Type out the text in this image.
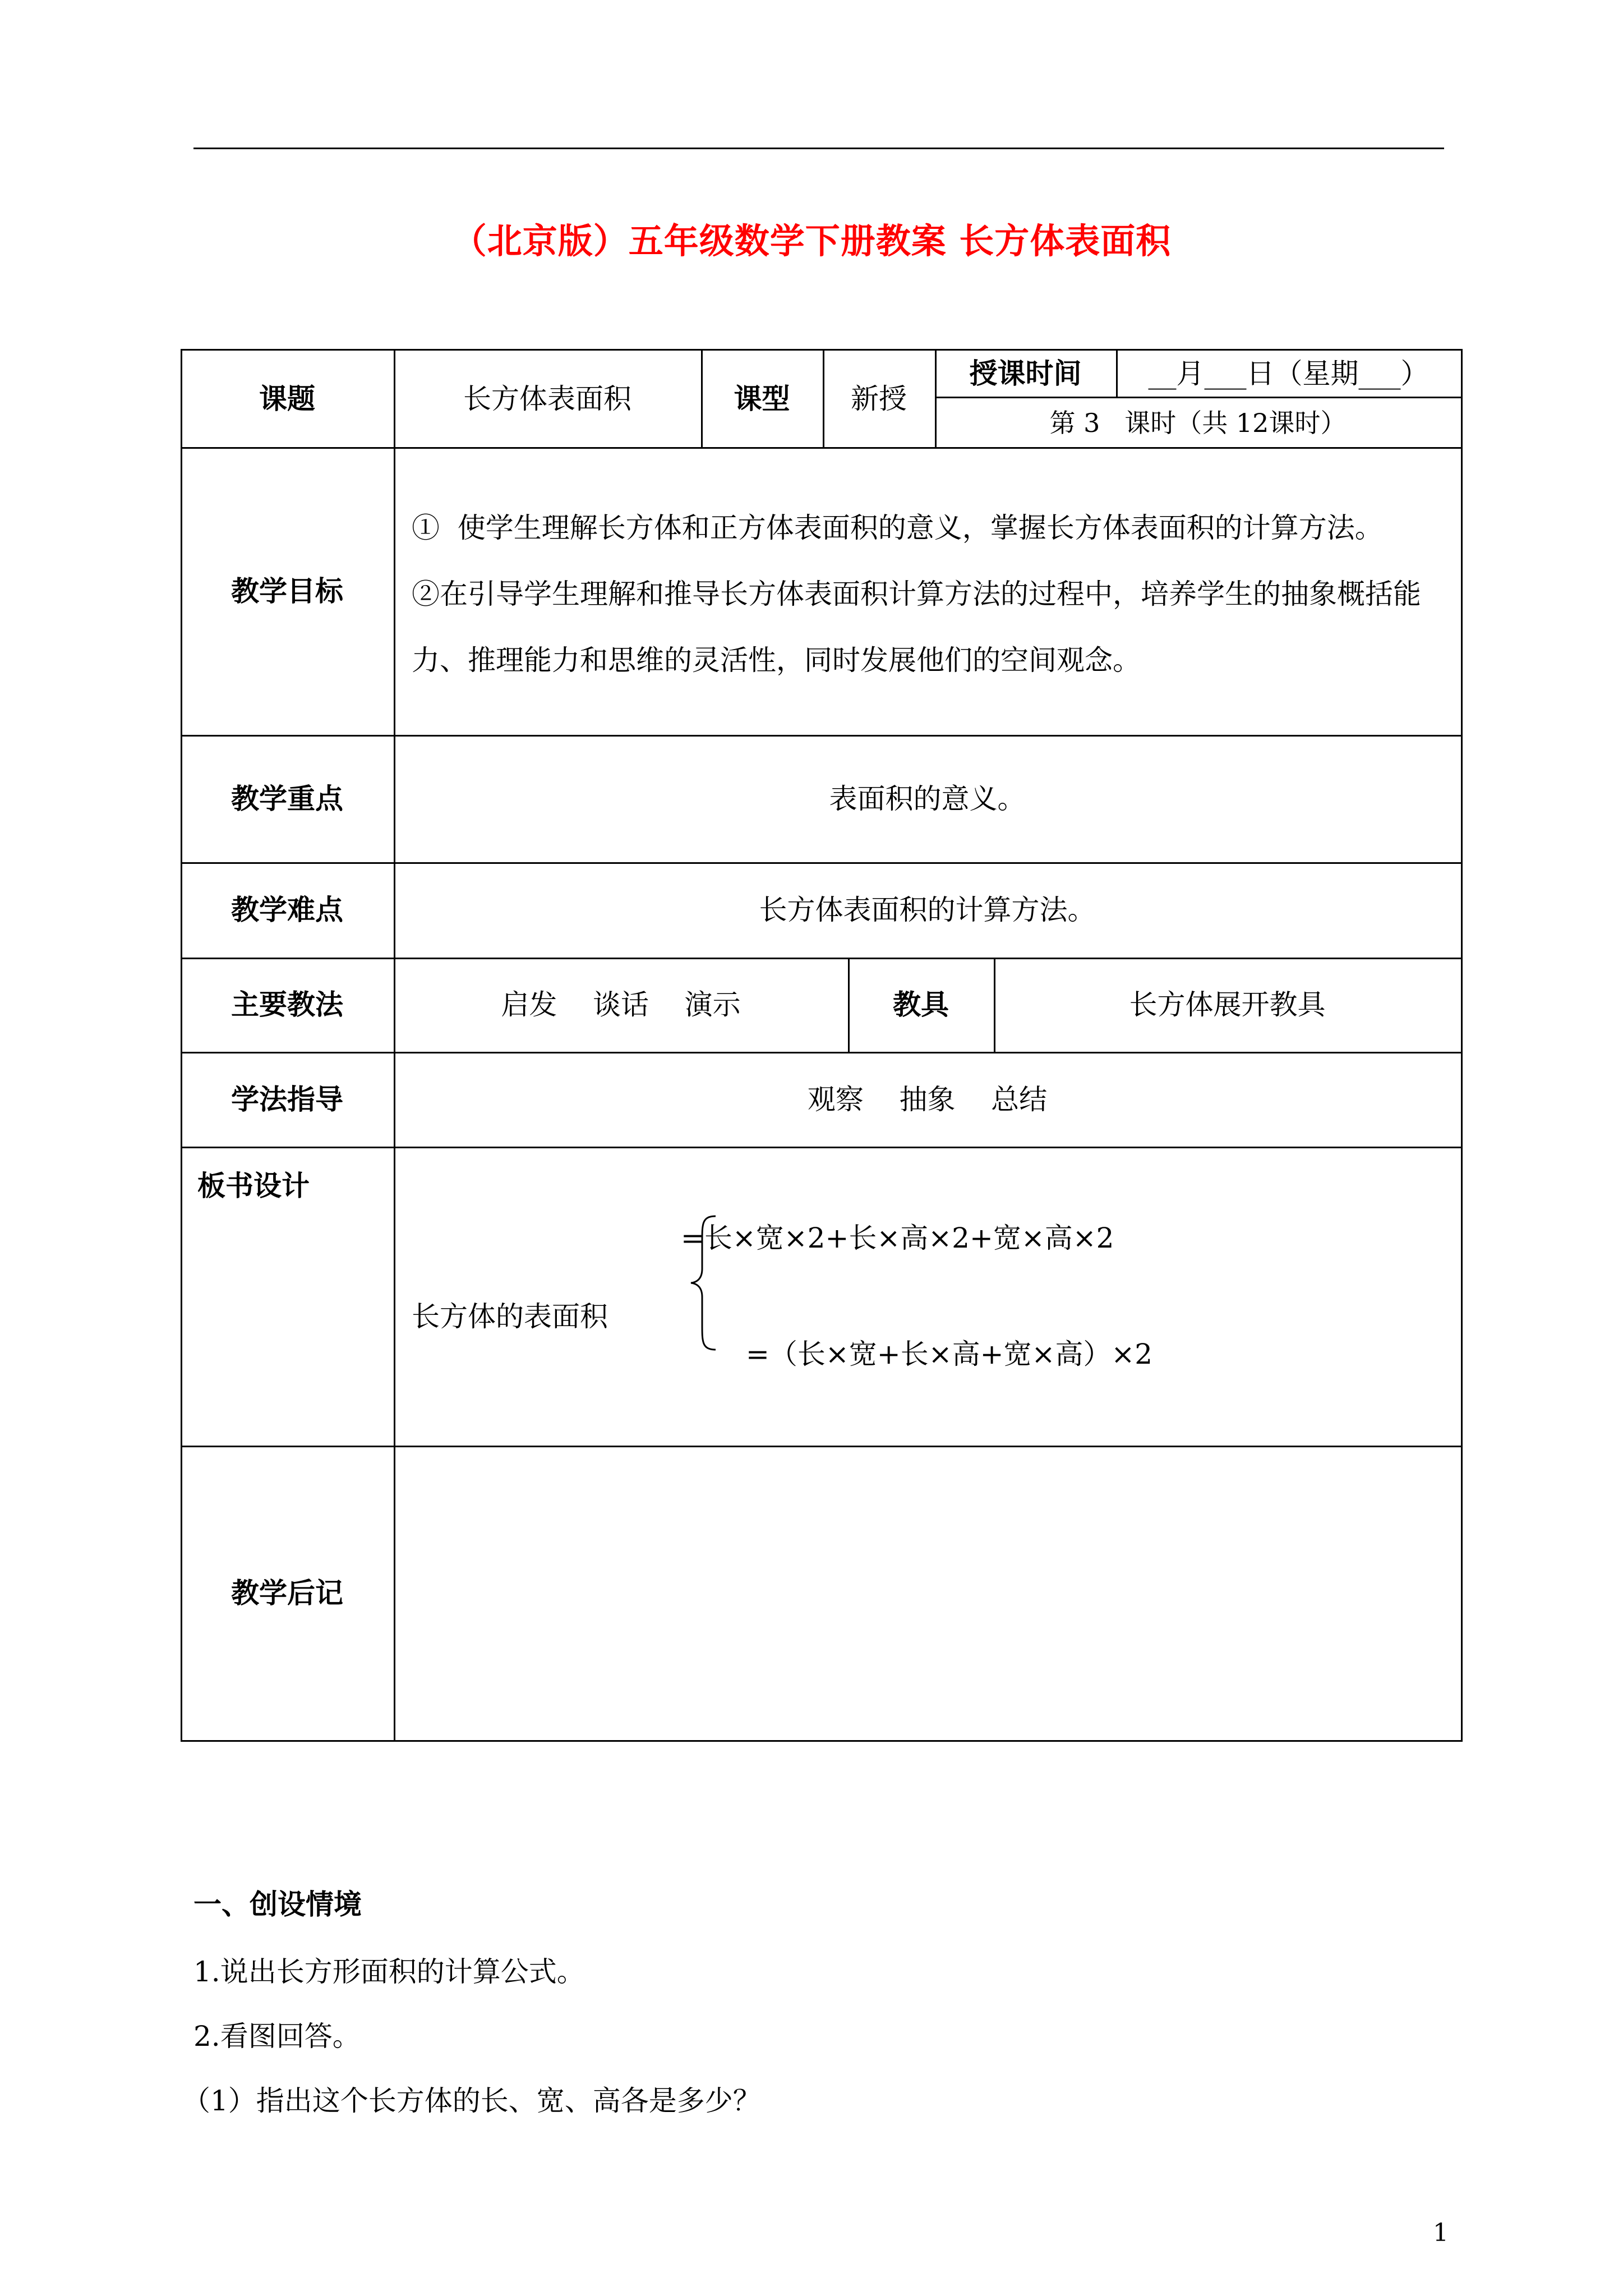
（北京版）五年级数学下册教案 长方体表面积
课题	长方体表面积	课型	新授
授课时间	__月___日（星期___）
第 3   课时（共 12课时）
教学目标

①  使学生理解长方体和正方体表面积的意义，掌握长方体表面积的计算方法。

②在引导学生理解和推导长方体表面积计算方法的过程中，培养学生的抽象概括能

力、推理能力和思维的灵活性，同时发展他们的空间观念。

教学重点	表面积的意义。
教学难点	长方体表面积的计算方法。
主要教法	启发    谈话    演示	教具	长方体展开教具
学法指导	观察    抽象    总结
板书设计
长方体的表面积
=长×宽×2+长×高×2+宽×高×2
=（长×宽+长×高+宽×高）×2
教学后记
一、创设情境
1.说出长方形面积的计算公式。
2.看图回答。
（1）指出这个长方体的长、宽、高各是多少？
1
